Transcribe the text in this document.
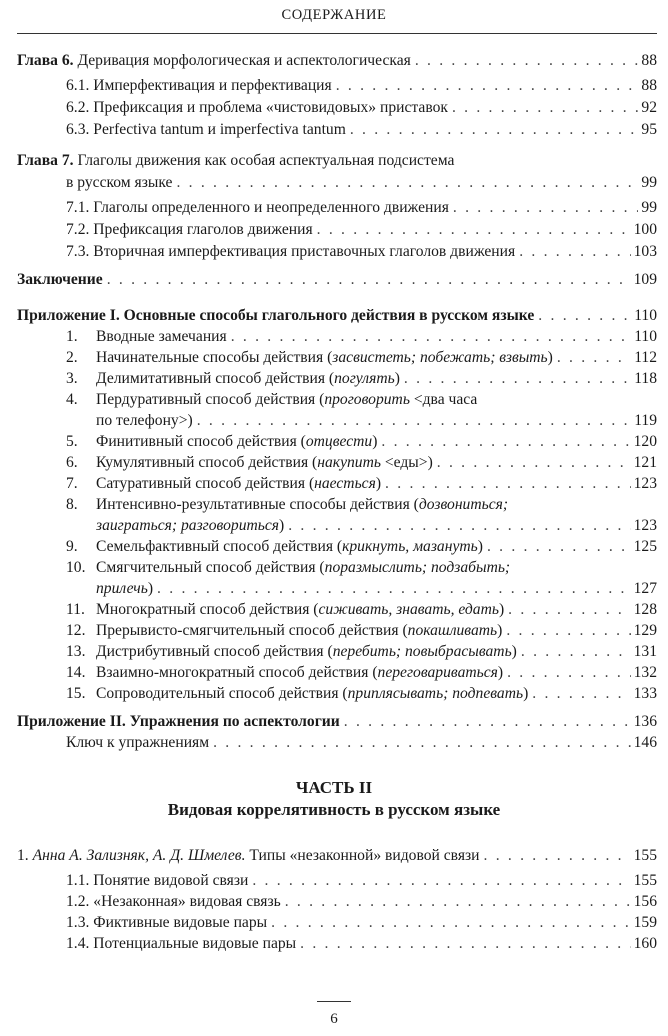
СОДЕРЖАНИЕ
Глава 6. Деривация морфологическая и аспектологическая . . .	88
6.1. Имперфективация и перфективация . . .	88
6.2. Префиксация и проблема «чистовидовых» приставок . . .	92
6.3. Perfectiva tantum и imperfectiva tantum . . .	95
Глава 7. Глаголы движения как особая аспектуальная подсистема
в русском языке . . .	99
7.1. Глаголы определенного и неопределенного движения . . .	99
7.2. Префиксация глаголов движения . . .	100
7.3. Вторичная имперфективация приставочных глаголов движения . . .	103
Заключение . . .	109
Приложение I. Основные способы глагольного действия в русском языке . . .	110
1. Вводные замечания . . .	110
2. Начинательные способы действия (засвистеть; побежать; взвыть) . . .	112
3. Делимитативный способ действия (погулять) . . .	118
4. Пердуративный способ действия (проговорить <два часа
по телефону>) . . .	119
5. Финитивный способ действия (отцвести) . . .	120
6. Кумулятивный способ действия (накупить <еды>) . . .	121
7. Сатуративный способ действия (наесться) . . .	123
8. Интенсивно-результативные способы действия (дозвониться;
заиграться; разговориться) . . .	123
9. Семельфактивный способ действия (крикнуть, мазануть) . . .	125
10. Смягчительный способ действия (поразмыслить; подзабыть;
прилечь) . . .	127
11. Многократный способ действия (сиживать, знавать, едать) . . .	128
12. Прерывисто-смягчительный способ действия (покашливать) . . .	129
13. Дистрибутивный способ действия (перебить; повыбрасывать) . . .	131
14. Взаимно-многократный способ действия (переговариваться) . . .	132
15. Сопроводительный способ действия (приплясывать; подпевать) . . .	133
Приложение II. Упражнения по аспектологии . . .	136
Ключ к упражнениям . . .	146
ЧАСТЬ II
Видовая коррелятивность в русском языке
1. Анна А. Зализняк, А. Д. Шмелев. Типы «незаконной» видовой связи . . .	155
1.1. Понятие видовой связи . . .	155
1.2. «Незаконная» видовая связь . . .	156
1.3. Фиктивные видовые пары . . .	159
1.4. Потенциальные видовые пары . . .	160
6
